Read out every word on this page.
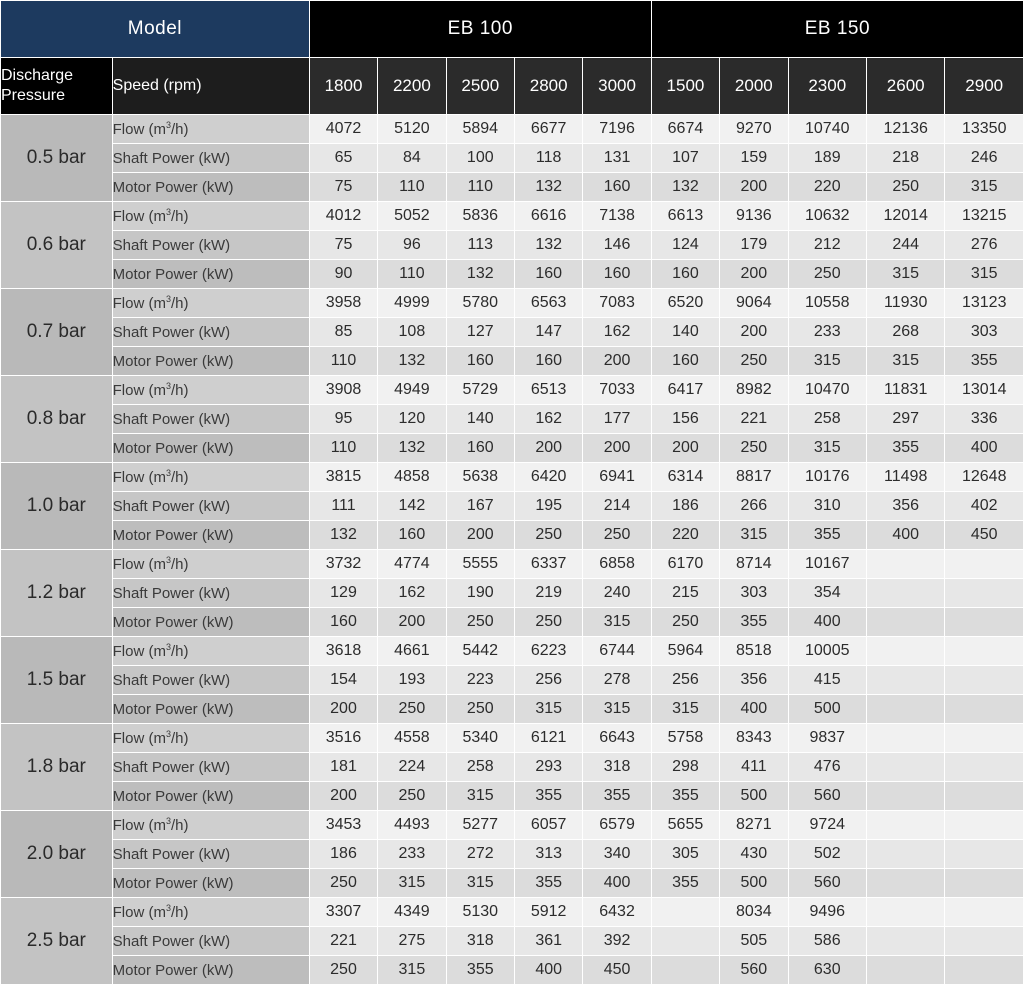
Model		EB 100					EB 150				

Discharge
Pressure	Speed (rpm)	1800	2200	2500	2800	3000	1500	2000	2300	2600	2900
0.5 bar	Flow $(m^3/h)$	4072	5120	5894	6677	7196	6674	9270	10740	12136	13350
	Shaft Power (kW)	65	84	100	118	131	107	159	189	218	246
	Motor Power (kW)	75	110	110	132	160	132	200	220	250	315
0.6 bar	Flow $(m^3/h)$	4012	5052	5836	6616	7138	6613	9136	10632	12014	13215
	Shaft Power (kW)	75	96	113	132	146	124	179	212	244	276
	Motor Power (kW)	90	110	132	160	160	160	200	250	315	315
0.7 bar	Flow $(m^3/h)$	3958	4999	5780	6563	7083	6520	9064	10558	11930	13123
	Shaft Power (kW)	85	108	127	147	162	140	200	233	268	303
	Motor Power (kW)	110	132	160	160	200	160	250	315	315	355
0.8 bar	Flow $(m^3/h)$	3908	4949	5729	6513	7033	6417	8982	10470	11831	13014
	Shaft Power (kW)	95	120	140	162	177	156	221	258	297	336
	Motor Power (kW)	110	132	160	200	200	200	250	315	355	400
1.0 bar	Flow $(m^3/h)$	3815	4858	5638	6420	6941	6314	8817	10176	11498	12648
	Shaft Power (kW)	111	142	167	195	214	186	266	310	356	402
	Motor Power (kW)	132	160	200	250	250	220	315	355	400	450
1.2 bar	Flow $(m^3/h)$	3732	4774	5555	6337	6858	6170	8714	10167		
	Shaft Power (kW)	129	162	190	219	240	215	303	354		
	Motor Power (kW)	160	200	250	250	315	250	355	400		
1.5 bar	Flow $(m^3/h)$	3618	4661	5442	6223	6744	5964	8518	10005		
	Shaft Power (kW)	154	193	223	256	278	256	356	415		
	Motor Power (kW)	200	250	250	315	315	315	400	500		
1.8 bar	Flow $(m^3/h)$	3516	4558	5340	6121	6643	5758	8343	9837		
	Shaft Power (kW)	181	224	258	293	318	298	411	476		
	Motor Power (kW)	200	250	315	355	355	355	500	560		
2.0 bar	Flow $(m^3/h)$	3453	4493	5277	6057	6579	5655	8271	9724		
	Shaft Power (kW)	186	233	272	313	340	305	430	502		
	Motor Power (kW)	250	315	315	355	400	355	500	560		
2.5 bar	Flow $(m^3/h)$	3307	4349	5130	5912	6432		8034	9496		
	Shaft Power (kW)	221	275	318	361	392		505	586		
	Motor Power (kW)	250	315	355	400	450		560	630		
